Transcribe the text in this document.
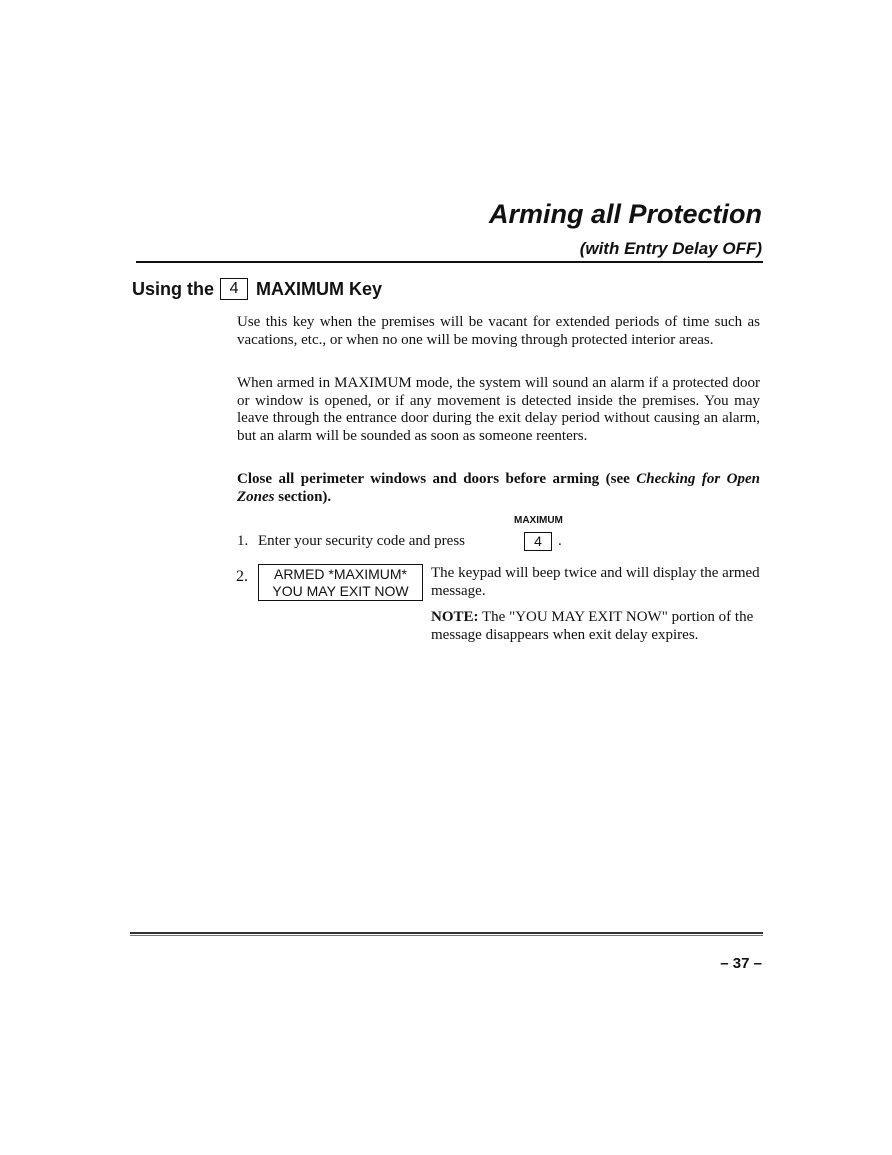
Arming all Protection
(with Entry Delay OFF)
Using the 4 MAXIMUM Key

Use this key when the premises will be vacant for extended periods of time such as vacations, etc., or when no one will be moving through protected interior areas.

When armed in MAXIMUM mode, the system will sound an alarm if a protected door or window is opened, or if any movement is detected inside the premises. You may leave through the entrance door during the exit delay period without causing an alarm, but an alarm will be sounded as soon as someone reenters.

Close all perimeter windows and doors before arming (see Checking for Open Zones section).

MAXIMUM
1. Enter your security code and press	4	.
2.	ARMED *MAXIMUM*
YOU MAY EXIT NOW
The keypad will beep twice and will display the armed message.
NOTE: The "YOU MAY EXIT NOW" portion of the message disappears when exit delay expires.
– 37 –
